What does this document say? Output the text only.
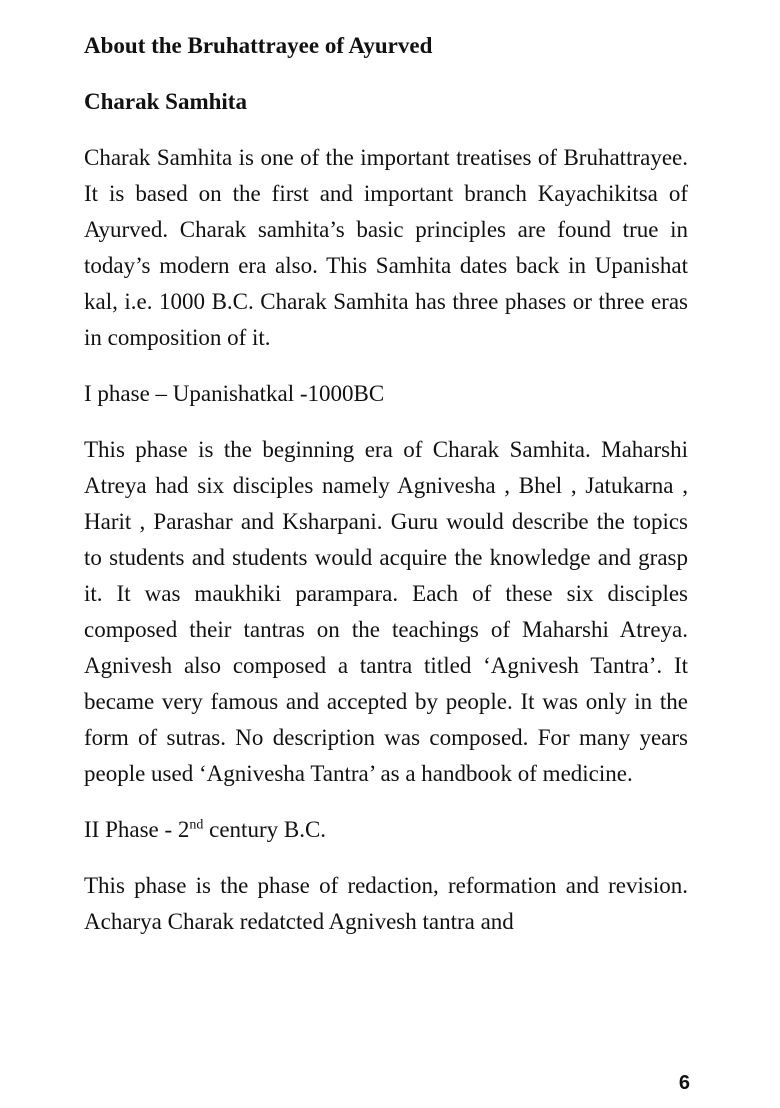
About the Bruhattrayee of Ayurved
Charak Samhita

Charak Samhita is one of the important treatises of Bruhattrayee. It is based on the first and important branch Kayachikitsa of Ayurved. Charak samhita’s basic principles are found true in today’s modern era also. This Samhita dates back in Upanishat kal, i.e. 1000 B.C. Charak Samhita has three phases or three eras in composition of it.

I phase – Upanishatkal -1000BC

This phase is the beginning era of Charak Samhita. Maharshi Atreya had six disciples namely Agnivesha , Bhel , Jatukarna , Harit , Parashar and Ksharpani. Guru would describe the topics to students and students would acquire the knowledge and grasp it. It was maukhiki parampara. Each of these six disciples composed their tantras on the teachings of Maharshi Atreya. Agnivesh also composed a tantra titled ‘Agnivesh Tantra’. It became very famous and accepted by people. It was only in the form of sutras. No description was composed. For many years people used ‘Agnivesha Tantra’ as a handbook of medicine.

II Phase - 2nd century B.C.

This phase is the phase of redaction, reformation and revision. Acharya Charak redatcted Agnivesh tantra and

6
